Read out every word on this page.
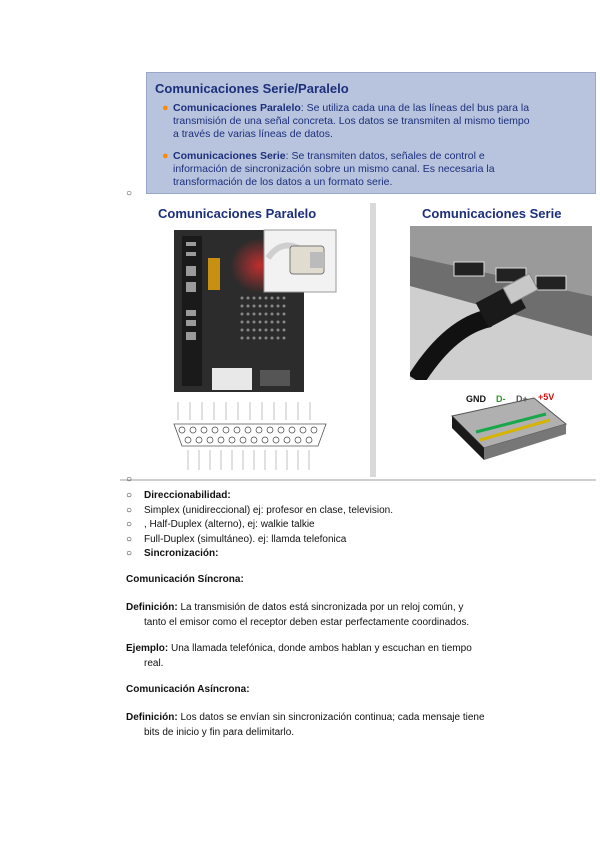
Comunicaciones Serie/Paralelo
● Comunicaciones Paralelo: Se utiliza cada una de las líneas del bus para la
transmisión de una señal concreta. Los datos se transmiten al mismo tiempo
a través de varias líneas de datos.
● Comunicaciones Serie: Se transmiten datos, señales de control e
información de sincronización sobre un mismo canal. Es necesaria la
transformación de los datos a un formato serie.
○
Comunicaciones Paralelo	Comunicaciones Serie
GND D- D+ +5V
○
○ Direccionabilidad:
○ Simplex (unidireccional) ej: profesor en clase, television.
○ , Half-Duplex (alterno), ej: walkie talkie
○ Full-Duplex (simultáneo). ej: llamda telefonica
○ Sincronización:
Comunicación Síncrona:
Definición: La transmisión de datos está sincronizada por un reloj común, y
tanto el emisor como el receptor deben estar perfectamente coordinados.
Ejemplo: Una llamada telefónica, donde ambos hablan y escuchan en tiempo
real.
Comunicación Asíncrona:
Definición: Los datos se envían sin sincronización continua; cada mensaje tiene
bits de inicio y fin para delimitarlo.
